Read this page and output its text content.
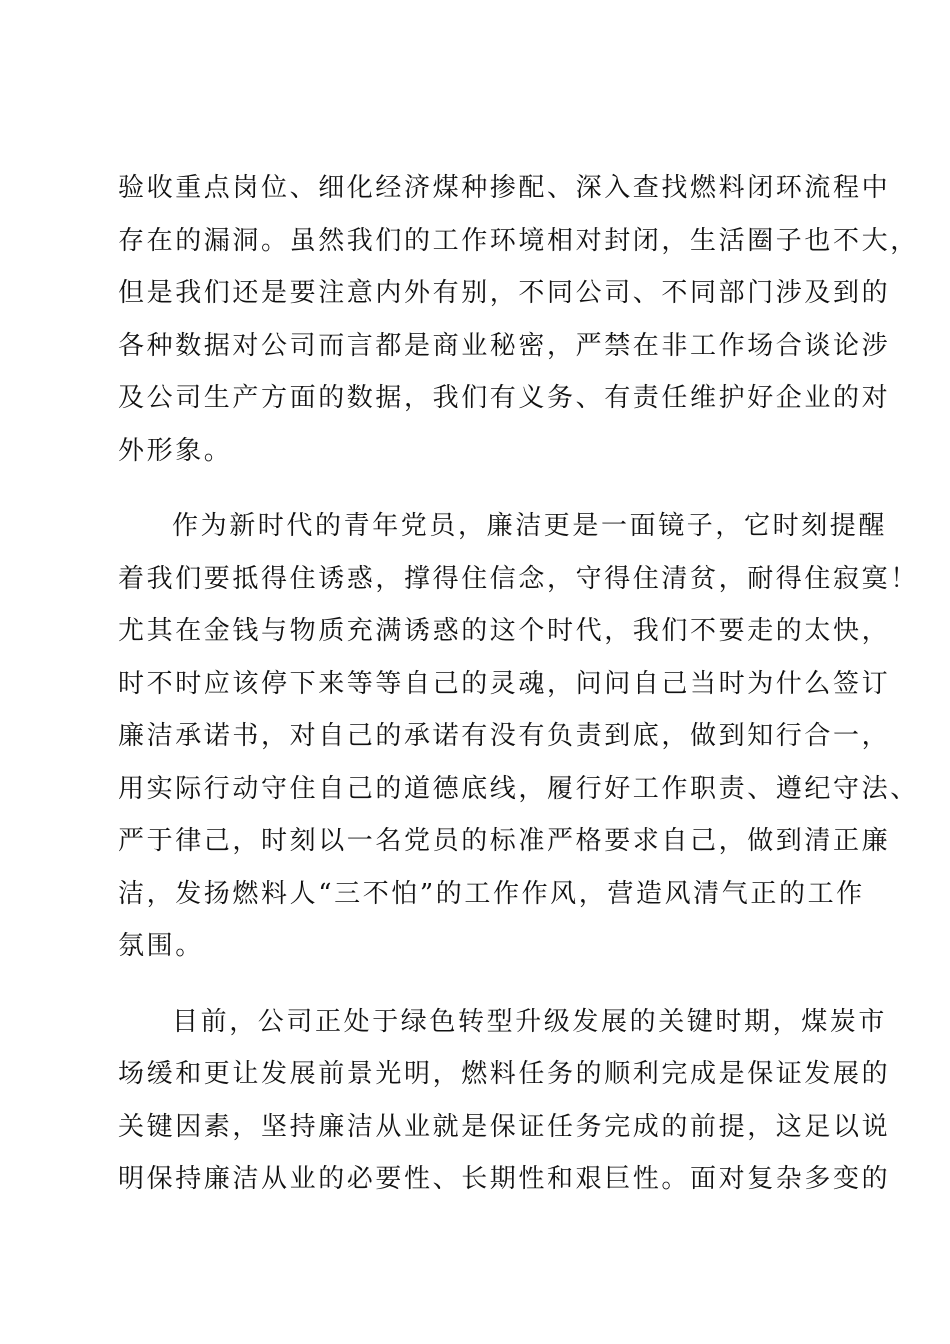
验收重点岗位、细化经济煤种掺配、深入查找燃料闭环流程中
存在的漏洞。虽然我们的工作环境相对封闭，生活圈子也不大，
但是我们还是要注意内外有别，不同公司、不同部门涉及到的
各种数据对公司而言都是商业秘密，严禁在非工作场合谈论涉
及公司生产方面的数据，我们有义务、有责任维护好企业的对
外形象。
作为新时代的青年党员，廉洁更是一面镜子，它时刻提醒
着我们要抵得住诱惑，撑得住信念，守得住清贫，耐得住寂寞！
尤其在金钱与物质充满诱惑的这个时代，我们不要走的太快，
时不时应该停下来等等自己的灵魂，问问自己当时为什么签订
廉洁承诺书，对自己的承诺有没有负责到底，做到知行合一，
用实际行动守住自己的道德底线，履行好工作职责、遵纪守法、
严于律己，时刻以一名党员的标准严格要求自己，做到清正廉
洁，发扬燃料人“三不怕”的工作作风，营造风清气正的工作
氛围。
目前，公司正处于绿色转型升级发展的关键时期，煤炭市
场缓和更让发展前景光明，燃料任务的顺利完成是保证发展的
关键因素，坚持廉洁从业就是保证任务完成的前提，这足以说
明保持廉洁从业的必要性、长期性和艰巨性。面对复杂多变的
